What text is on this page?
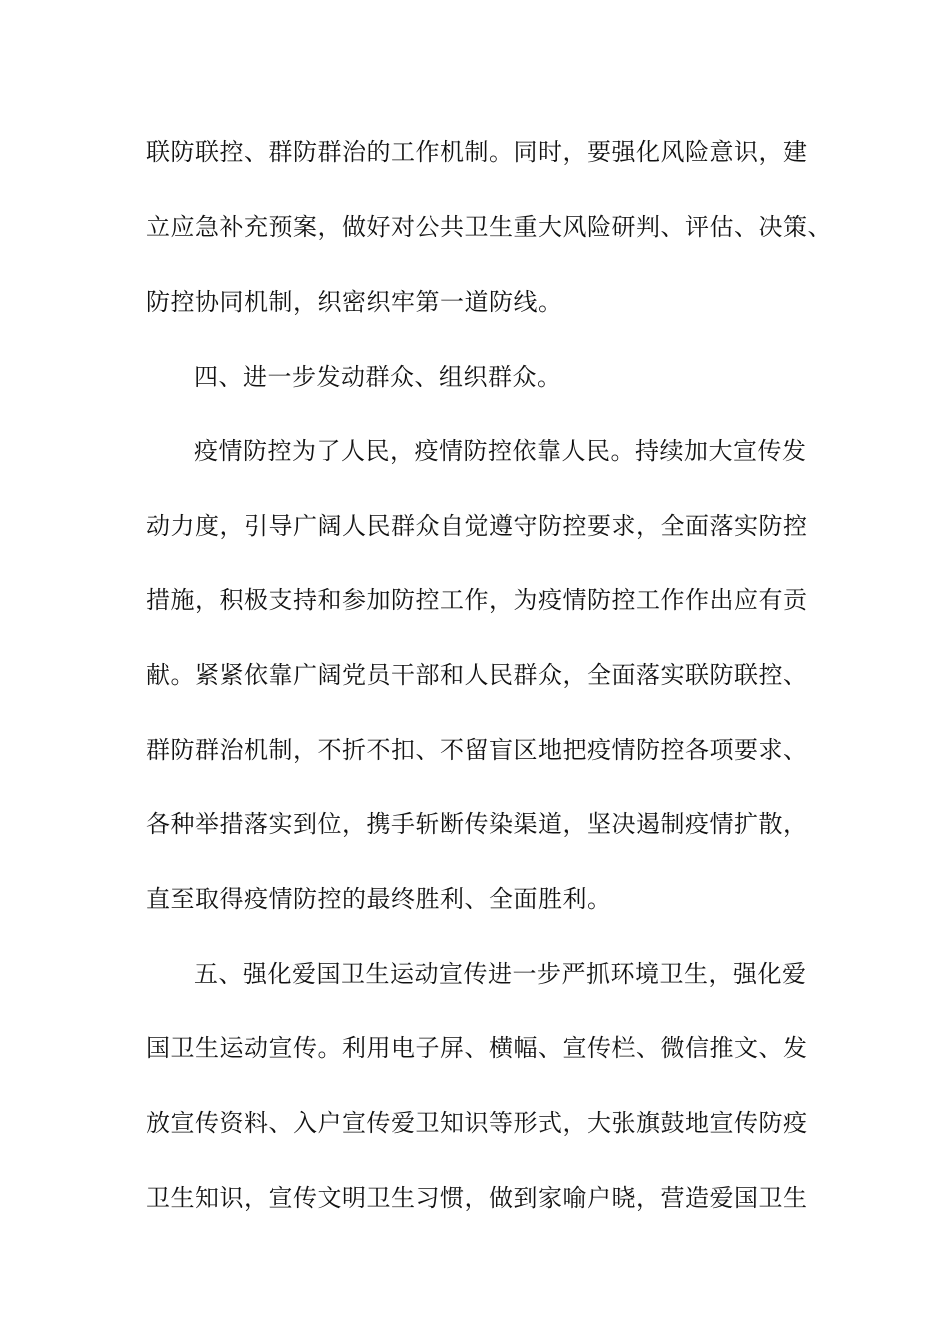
联防联控、群防群治的工作机制。同时，要强化风险意识，建

立应急补充预案，做好对公共卫生重大风险研判、评估、决策、

防控协同机制，织密织牢第一道防线。

四、进一步发动群众、组织群众。

疫情防控为了人民，疫情防控依靠人民。持续加大宣传发

动力度，引导广阔人民群众自觉遵守防控要求，全面落实防控

措施，积极支持和参加防控工作，为疫情防控工作作出应有贡

献。紧紧依靠广阔党员干部和人民群众，全面落实联防联控、

群防群治机制，不折不扣、不留盲区地把疫情防控各项要求、

各种举措落实到位，携手斩断传染渠道，坚决遏制疫情扩散，

直至取得疫情防控的最终胜利、全面胜利。

五、强化爱国卫生运动宣传进一步严抓环境卫生，强化爱

国卫生运动宣传。利用电子屏、横幅、宣传栏、微信推文、发

放宣传资料、入户宣传爱卫知识等形式，大张旗鼓地宣传防疫

卫生知识，宣传文明卫生习惯，做到家喻户晓，营造爱国卫生
